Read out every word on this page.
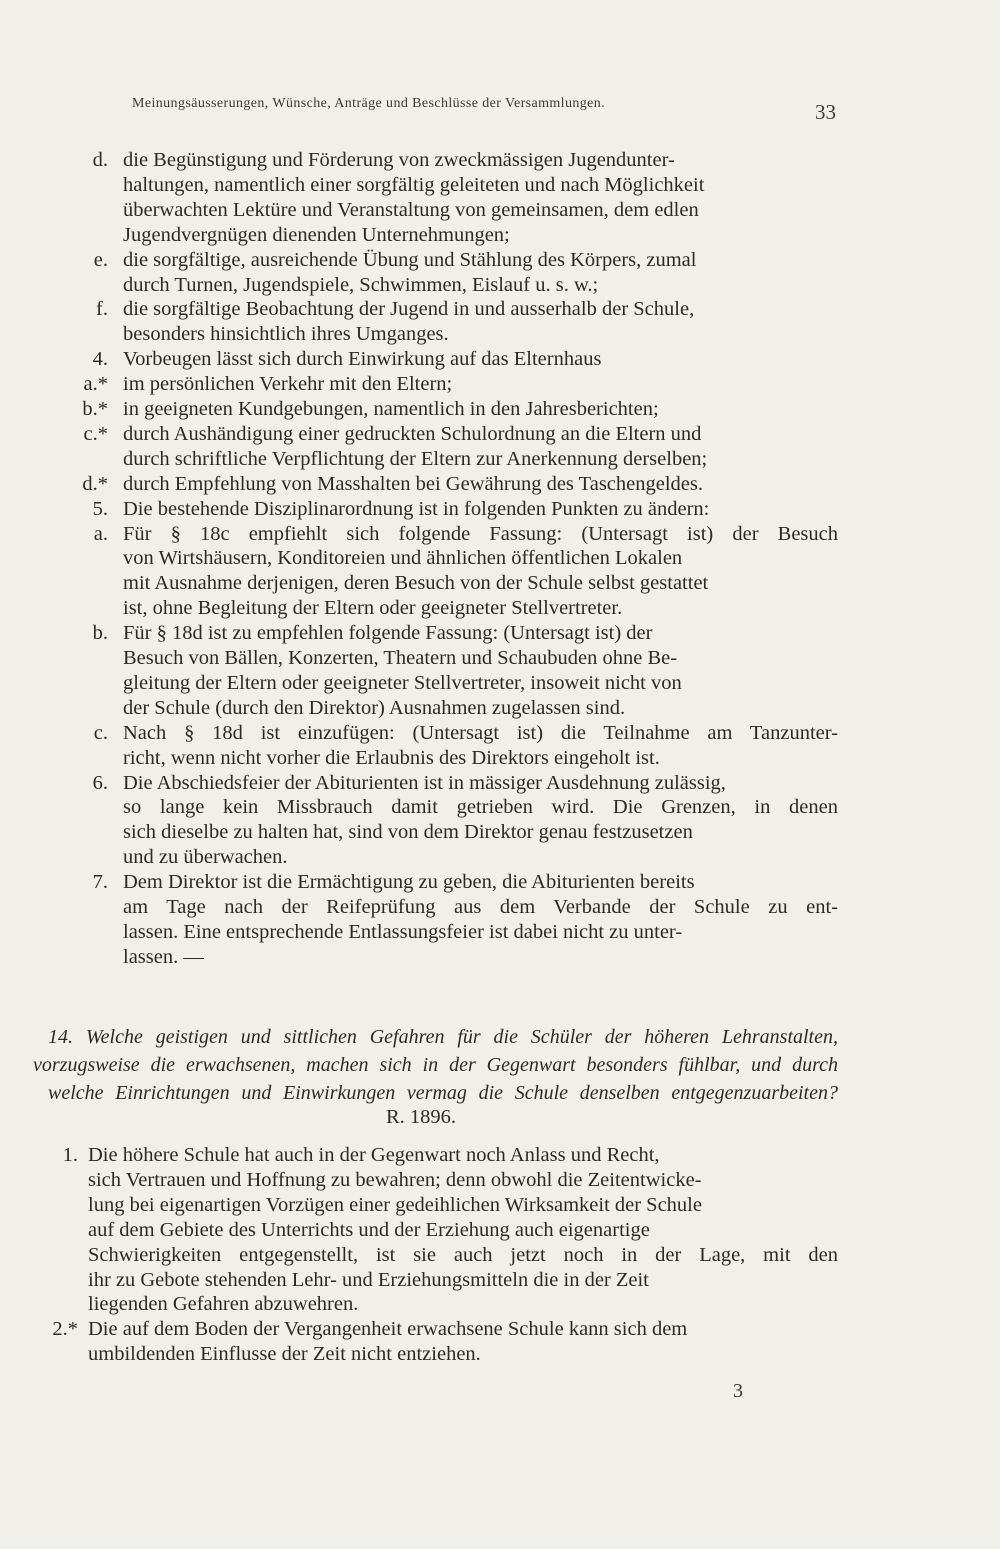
Meinungsäusserungen, Wünsche, Anträge und Beschlüsse der Versammlungen.	33
d. die Begünstigung und Förderung von zweckmässigen Jugendunter-
haltungen, namentlich einer sorgfältig geleiteten und nach Möglichkeit
überwachten Lektüre und Veranstaltung von gemeinsamen, dem edlen
Jugendvergnügen dienenden Unternehmungen;
e. die sorgfältige, ausreichende Übung und Stählung des Körpers, zumal
durch Turnen, Jugendspiele, Schwimmen, Eislauf u. s. w.;
f. die sorgfältige Beobachtung der Jugend in und ausserhalb der Schule,
besonders hinsichtlich ihres Umganges.
4. Vorbeugen lässt sich durch Einwirkung auf das Elternhaus
a.* im persönlichen Verkehr mit den Eltern;
b.* in geeigneten Kundgebungen, namentlich in den Jahresberichten;
c.* durch Aushändigung einer gedruckten Schulordnung an die Eltern und
durch schriftliche Verpflichtung der Eltern zur Anerkennung derselben;
d.* durch Empfehlung von Masshalten bei Gewährung des Taschengeldes.
5. Die bestehende Disziplinarordnung ist in folgenden Punkten zu ändern:
a. Für § 18c empfiehlt sich folgende Fassung: (Untersagt ist) der Besuch
von Wirtshäusern, Konditoreien und ähnlichen öffentlichen Lokalen
mit Ausnahme derjenigen, deren Besuch von der Schule selbst gestattet
ist, ohne Begleitung der Eltern oder geeigneter Stellvertreter.
b. Für § 18d ist zu empfehlen folgende Fassung: (Untersagt ist) der
Besuch von Bällen, Konzerten, Theatern und Schaubuden ohne Be-
gleitung der Eltern oder geeigneter Stellvertreter, insoweit nicht von
der Schule (durch den Direktor) Ausnahmen zugelassen sind.
c. Nach § 18d ist einzufügen: (Untersagt ist) die Teilnahme am Tanzunter-
richt, wenn nicht vorher die Erlaubnis des Direktors eingeholt ist.
6. Die Abschiedsfeier der Abiturienten ist in mässiger Ausdehnung zulässig,
so lange kein Missbrauch damit getrieben wird. Die Grenzen, in denen
sich dieselbe zu halten hat, sind von dem Direktor genau festzusetzen
und zu überwachen.
7. Dem Direktor ist die Ermächtigung zu geben, die Abiturienten bereits
am Tage nach der Reifeprüfung aus dem Verbande der Schule zu ent-
lassen. Eine entsprechende Entlassungsfeier ist dabei nicht zu unter-
lassen. —
14. Welche geistigen und sittlichen Gefahren für die Schüler der höheren Lehranstalten,
vorzugsweise die erwachsenen, machen sich in der Gegenwart besonders fühlbar, und durch
welche Einrichtungen und Einwirkungen vermag die Schule denselben entgegenzuarbeiten?
R. 1896.
1. Die höhere Schule hat auch in der Gegenwart noch Anlass und Recht,
sich Vertrauen und Hoffnung zu bewahren; denn obwohl die Zeitentwicke-
lung bei eigenartigen Vorzügen einer gedeihlichen Wirksamkeit der Schule
auf dem Gebiete des Unterrichts und der Erziehung auch eigenartige
Schwierigkeiten entgegenstellt, ist sie auch jetzt noch in der Lage, mit den
ihr zu Gebote stehenden Lehr- und Erziehungsmitteln die in der Zeit
liegenden Gefahren abzuwehren.
2.* Die auf dem Boden der Vergangenheit erwachsene Schule kann sich dem
umbildenden Einflusse der Zeit nicht entziehen.
3
